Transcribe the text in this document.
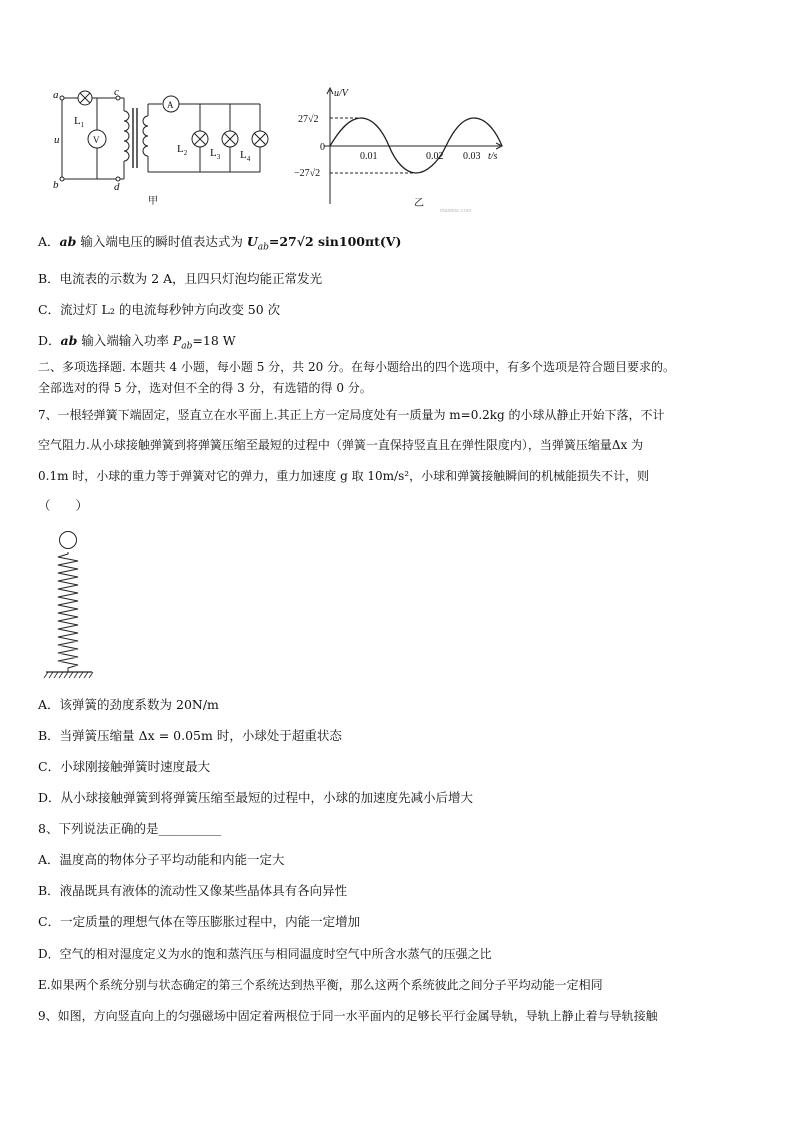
a
b
c
d
u
$L_1$
V
A
$L_2$ $L_3$ $L_4$
甲
u/V
t/s
27√2
−27√2
0
0.01	0.02 0.03
乙
mantesc.com
A．ab 输入端电压的瞬时值表达式为 $U_{ab}=27√2$ sin100πt(V)
B．电流表的示数为 2 A，且四只灯泡均能正常发光
C．流过灯 L₂ 的电流每秒钟方向改变 50 次
D．ab 输入端输入功率 $P_{ab}=18$ W
二、多项选择题. 本题共 4 小题，每小题 5 分，共 20 分。在每小题给出的四个选项中，有多个选项是符合题目要求的。
全部选对的得 5 分，选对但不全的得 3 分，有选错的得 0 分。
7、一根轻弹簧下端固定，竖直立在水平面上.其正上方一定局度处有一质量为 m=0.2kg 的小球从静止开始下落，不计
空气阻力.从小球接触弹簧到将弹簧压缩至最短的过程中（弹簧一直保持竖直且在弹性限度内），当弹簧压缩量Δx 为
0.1m 时，小球的重力等于弹簧对它的弹力，重力加速度 g 取 10m/s²，小球和弹簧接触瞬间的机械能损失不计，则
（　　）
A．该弹簧的劲度系数为 20N/m
B．当弹簧压缩量 Δx = 0.05m 时，小球处于超重状态
C．小球刚接触弹簧时速度最大
D．从小球接触弹簧到将弹簧压缩至最短的过程中，小球的加速度先减小后增大
8、下列说法正确的是__________
A．温度高的物体分子平均动能和内能一定大
B．液晶既具有液体的流动性又像某些晶体具有各向异性
C．一定质量的理想气体在等压膨胀过程中，内能一定增加
D．空气的相对湿度定义为水的饱和蒸汽压与相同温度时空气中所含水蒸气的压强之比
E.如果两个系统分别与状态确定的第三个系统达到热平衡，那么这两个系统彼此之间分子平均动能一定相同
9、如图，方向竖直向上的匀强磁场中固定着两根位于同一水平面内的足够长平行金属导轨，导轨上静止着与导轨接触
